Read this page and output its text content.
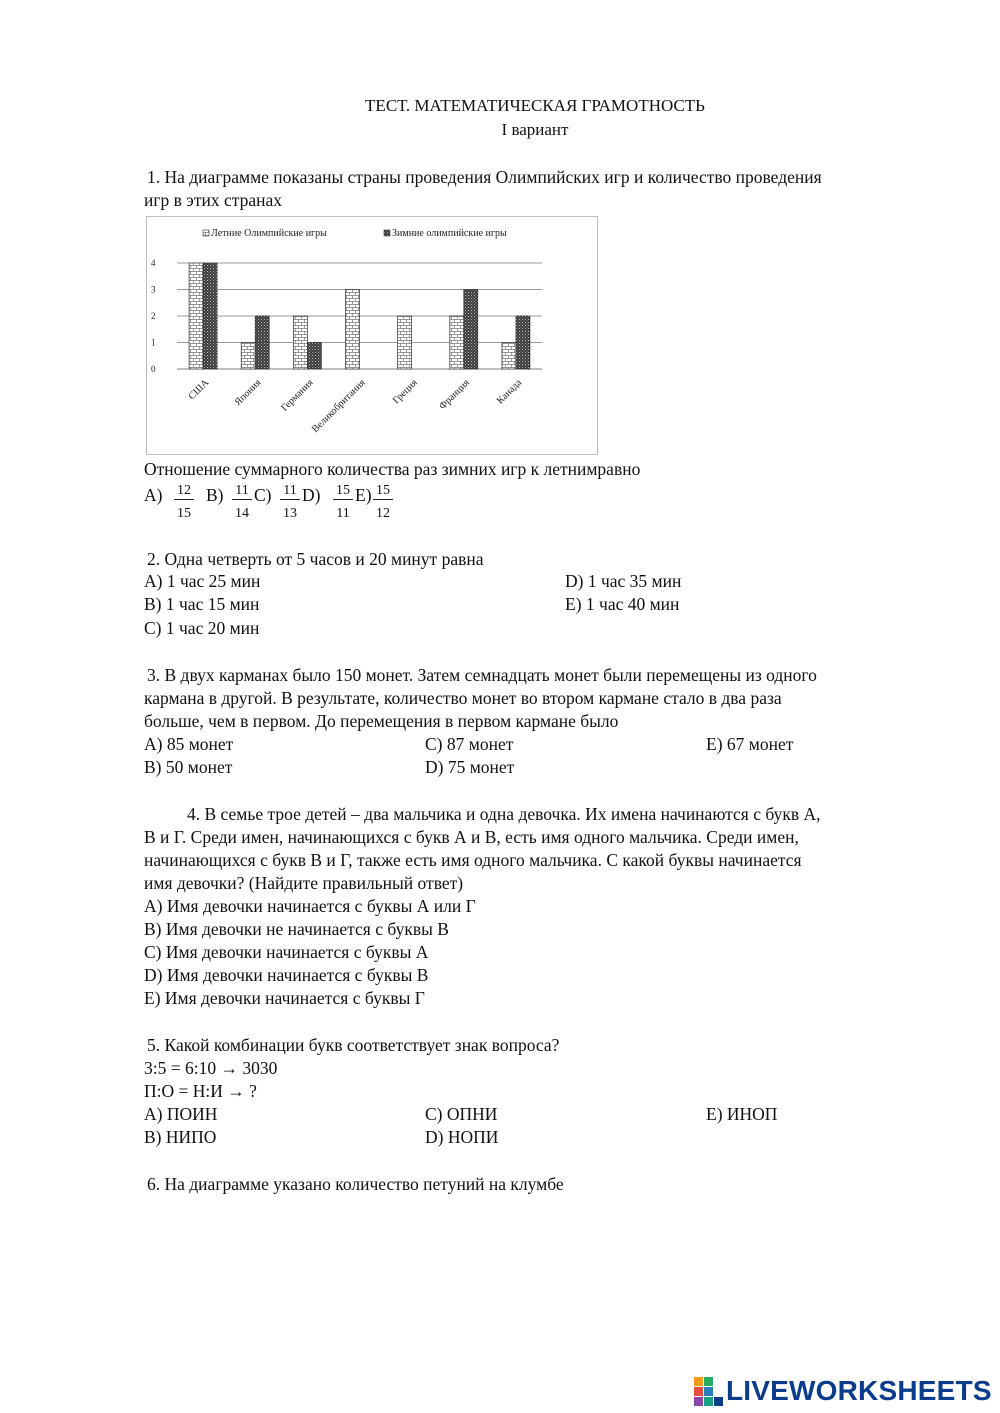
ТЕСТ. МАТЕМАТИЧЕСКАЯ ГРАМОТНОСТЬ
I вариант
1. На диаграмме показаны страны проведения Олимпийских игр и количество проведения
игр в этих странах
0
1
2
3
4
США Япония Германия
Великобритания Греция Франция Канада
Летние Олимпийские игры	Зимние олимпийские игры
Отношение суммарного количества раз зимних игр к летнимравно
$A) \frac{12}{15} B) \frac{11}{14} C) \frac{11}{13} D) \frac{15}{11} E) \frac{15}{12}$
2. Одна четверть от 5 часов и 20 минут равна
A) 1 час 25 мин
B) 1 час 15 мин
C) 1 час 20 мин
D) 1 час 35 мин
E) 1 час 40 мин
3. В двух карманах было 150 монет. Затем семнадцать монет были перемещены из одного
кармана в другой. В результате, количество монет во втором кармане стало в два раза
больше, чем в первом. До перемещения в первом кармане было
A) 85 монет
B) 50 монет
C) 87 монет
D) 75 монет
E) 67 монет
4. В семье трое детей – два мальчика и одна девочка. Их имена начинаются с букв А,
В и Г. Среди имен, начинающихся с букв А и В, есть имя одного мальчика. Среди имен,
начинающихся с букв В и Г, также есть имя одного мальчика. С какой буквы начинается
имя девочки? (Найдите правильный ответ)
A) Имя девочки начинается с буквы А или Г
B) Имя девочки не начинается с буквы В
C) Имя девочки начинается с буквы А
D) Имя девочки начинается с буквы В
E) Имя девочки начинается с буквы Г
5. Какой комбинации букв соответствует знак вопроса?
3:5 = 6:10 → 3030
П:О = Н:И → ?
A) ПОИН
B) НИПО
C) ОПНИ
D) НОПИ
E) ИНОП
6. На диаграмме указано количество петуний на клумбе
LIVEWORKSHEETS
